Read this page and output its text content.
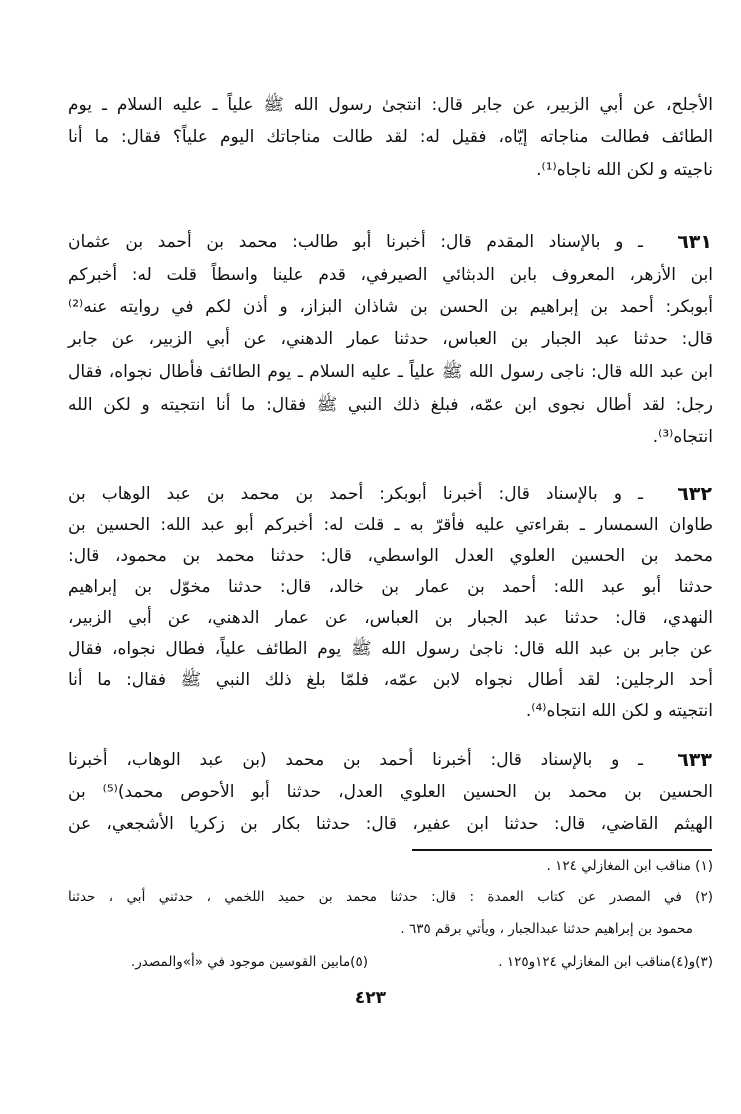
الأجلح، عن أبي الزبير، عن جابر قال: انتجىٰ رسول الله ﷺ علياً ـ عليه السلام ـ يوم
الطائف فطالت مناجاته إيّاه، فقيل له: لقد طالت مناجاتك اليوم علياً؟ فقال: ما أنا
ناجيته و لكن الله ناجاه⁽¹⁾.
٦٣١
ـ و بالإسناد المقدم قال: أخبرنا أبو طالب: محمد بن أحمد بن عثمان
ابن الأزهر، المعروف بابن الدبثائي الصيرفي، قدم علينا واسطاً قلت له: أخبركم
أبوبكر: أحمد بن إبراهيم بن الحسن بن شاذان البزاز، و أذن لكم في روايته عنه⁽²⁾
قال: حدثنا عبد الجبار بن العباس، حدثنا عمار الدهني، عن أبي الزبير، عن جابر
ابن عبد الله قال: ناجى رسول الله ﷺ علياً ـ عليه السلام ـ يوم الطائف فأطال نجواه، فقال
رجل: لقد أطال نجوى ابن عمّه، فبلغ ذلك النبي ﷺ فقال: ما أنا انتجيته و لكن الله
انتجاه⁽³⁾.
٦٣٢
ـ و بالإسناد قال: أخبرنا أبوبكر: أحمد بن محمد بن عبد الوهاب بن
طاوان السمسار ـ بقراءتي عليه فأقرّ به ـ قلت له: أخبركم أبو عبد الله: الحسين بن
محمد بن الحسين العلوي العدل الواسطي، قال: حدثنا محمد بن محمود، قال:
حدثنا أبو عبد الله: أحمد بن عمار بن خالد، قال: حدثنا مخوّل بن إبراهيم
النهدي، قال: حدثنا عبد الجبار بن العباس، عن عمار الدهني، عن أبي الزبير،
عن جابر بن عبد الله قال: ناجىٰ رسول الله ﷺ يوم الطائف علياً، فطال نجواه، فقال
أحد الرجلين: لقد أطال نجواه لابن عمّه، فلمّا بلغ ذلك النبي ﷺ فقال: ما أنا
انتجيته و لكن الله انتجاه⁽⁴⁾.
٦٣٣
ـ و بالإسناد قال: أخبرنا أحمد بن محمد (بن عبد الوهاب، أخبرنا
الحسين بن محمد بن الحسين العلوي العدل، حدثنا أبو الأحوص محمد)⁽⁵⁾ بن
الهيثم القاضي، قال: حدثنا ابن عفير، قال: حدثنا بكار بن زكريا الأشجعي، عن
(١) مناقب ابن المغازلي ١٢٤ .
(٢) في المصدر عن كتاب العمدة : قال: حدثنا محمد بن حميد اللخمي ، حدثني أبي ، حدثنا
محمود بن إبراهيم حدثنا عبدالجبار ، ويأتي برقم ٦٣٥ .
(٣)و(٤)مناقب ابن المغازلي ١٢٤و١٢٥ .
(٥)مابين القوسين موجود في «أ»والمصدر.
٤٢٣
